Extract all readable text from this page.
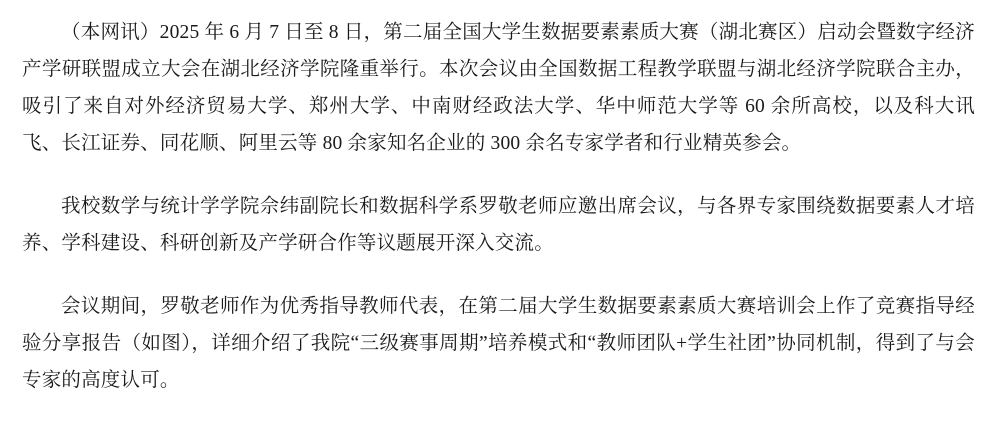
（本网讯）2025 年 6 月 7 日至 8 日，第二届全国大学生数据要素素质大赛（湖北赛区）启动会暨数字经济产学研联盟成立大会在湖北经济学院隆重举行。本次会议由全国数据工程教学联盟与湖北经济学院联合主办，吸引了来自对外经济贸易大学、郑州大学、中南财经政法大学、华中师范大学等 60 余所高校，以及科大讯飞、长江证券、同花顺、阿里云等 80 余家知名企业的 300 余名专家学者和行业精英参会。

我校数学与统计学学院佘纬副院长和数据科学系罗敬老师应邀出席会议，与各界专家围绕数据要素人才培养、学科建设、科研创新及产学研合作等议题展开深入交流。

会议期间，罗敬老师作为优秀指导教师代表，在第二届大学生数据要素素质大赛培训会上作了竞赛指导经验分享报告（如图），详细介绍了我院“三级赛事周期”培养模式和“教师团队+学生社团”协同机制，得到了与会专家的高度认可。
